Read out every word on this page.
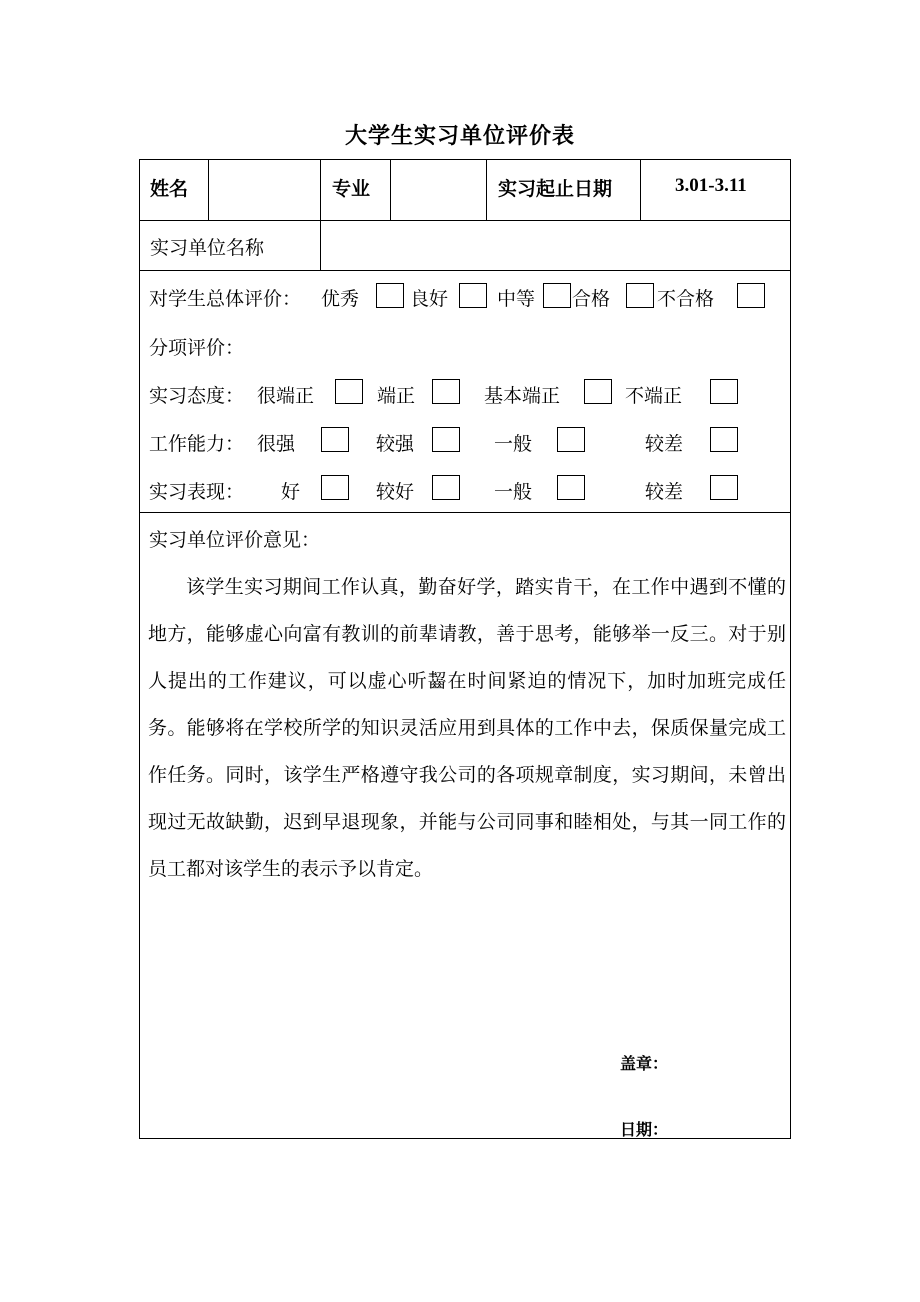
大学生实习单位评价表
姓名	专业	实习起止日期	3.01-3.11
实习单位名称
对学生总体评价： 优秀	良好	中等 合格 不合格
分项评价：
实习态度： 很端正	端正	基本端正	不端正
工作能力： 很强	较强	一般	较差
实习表现： 好	较好	一般	较差
实习单位评价意见：
该学生实习期间工作认真，勤奋好学，踏实肯干，在工作中遇到不懂的地方，能够虚心向富有教训的前辈请教，善于思考，能够举一反三。对于别人提出的工作建议，可以虚心听齧在时间紧迫的情况下，加时加班完成任务。能够将在学校所学的知识灵活应用到具体的工作中去，保质保量完成工作任务。同时，该学生严格遵守我公司的各项规章制度，实习期间，未曾出现过无故缺勤，迟到早退现象，并能与公司同事和睦相处，与其一同工作的员工都对该学生的表示予以肯定。
盖章：
日期：
